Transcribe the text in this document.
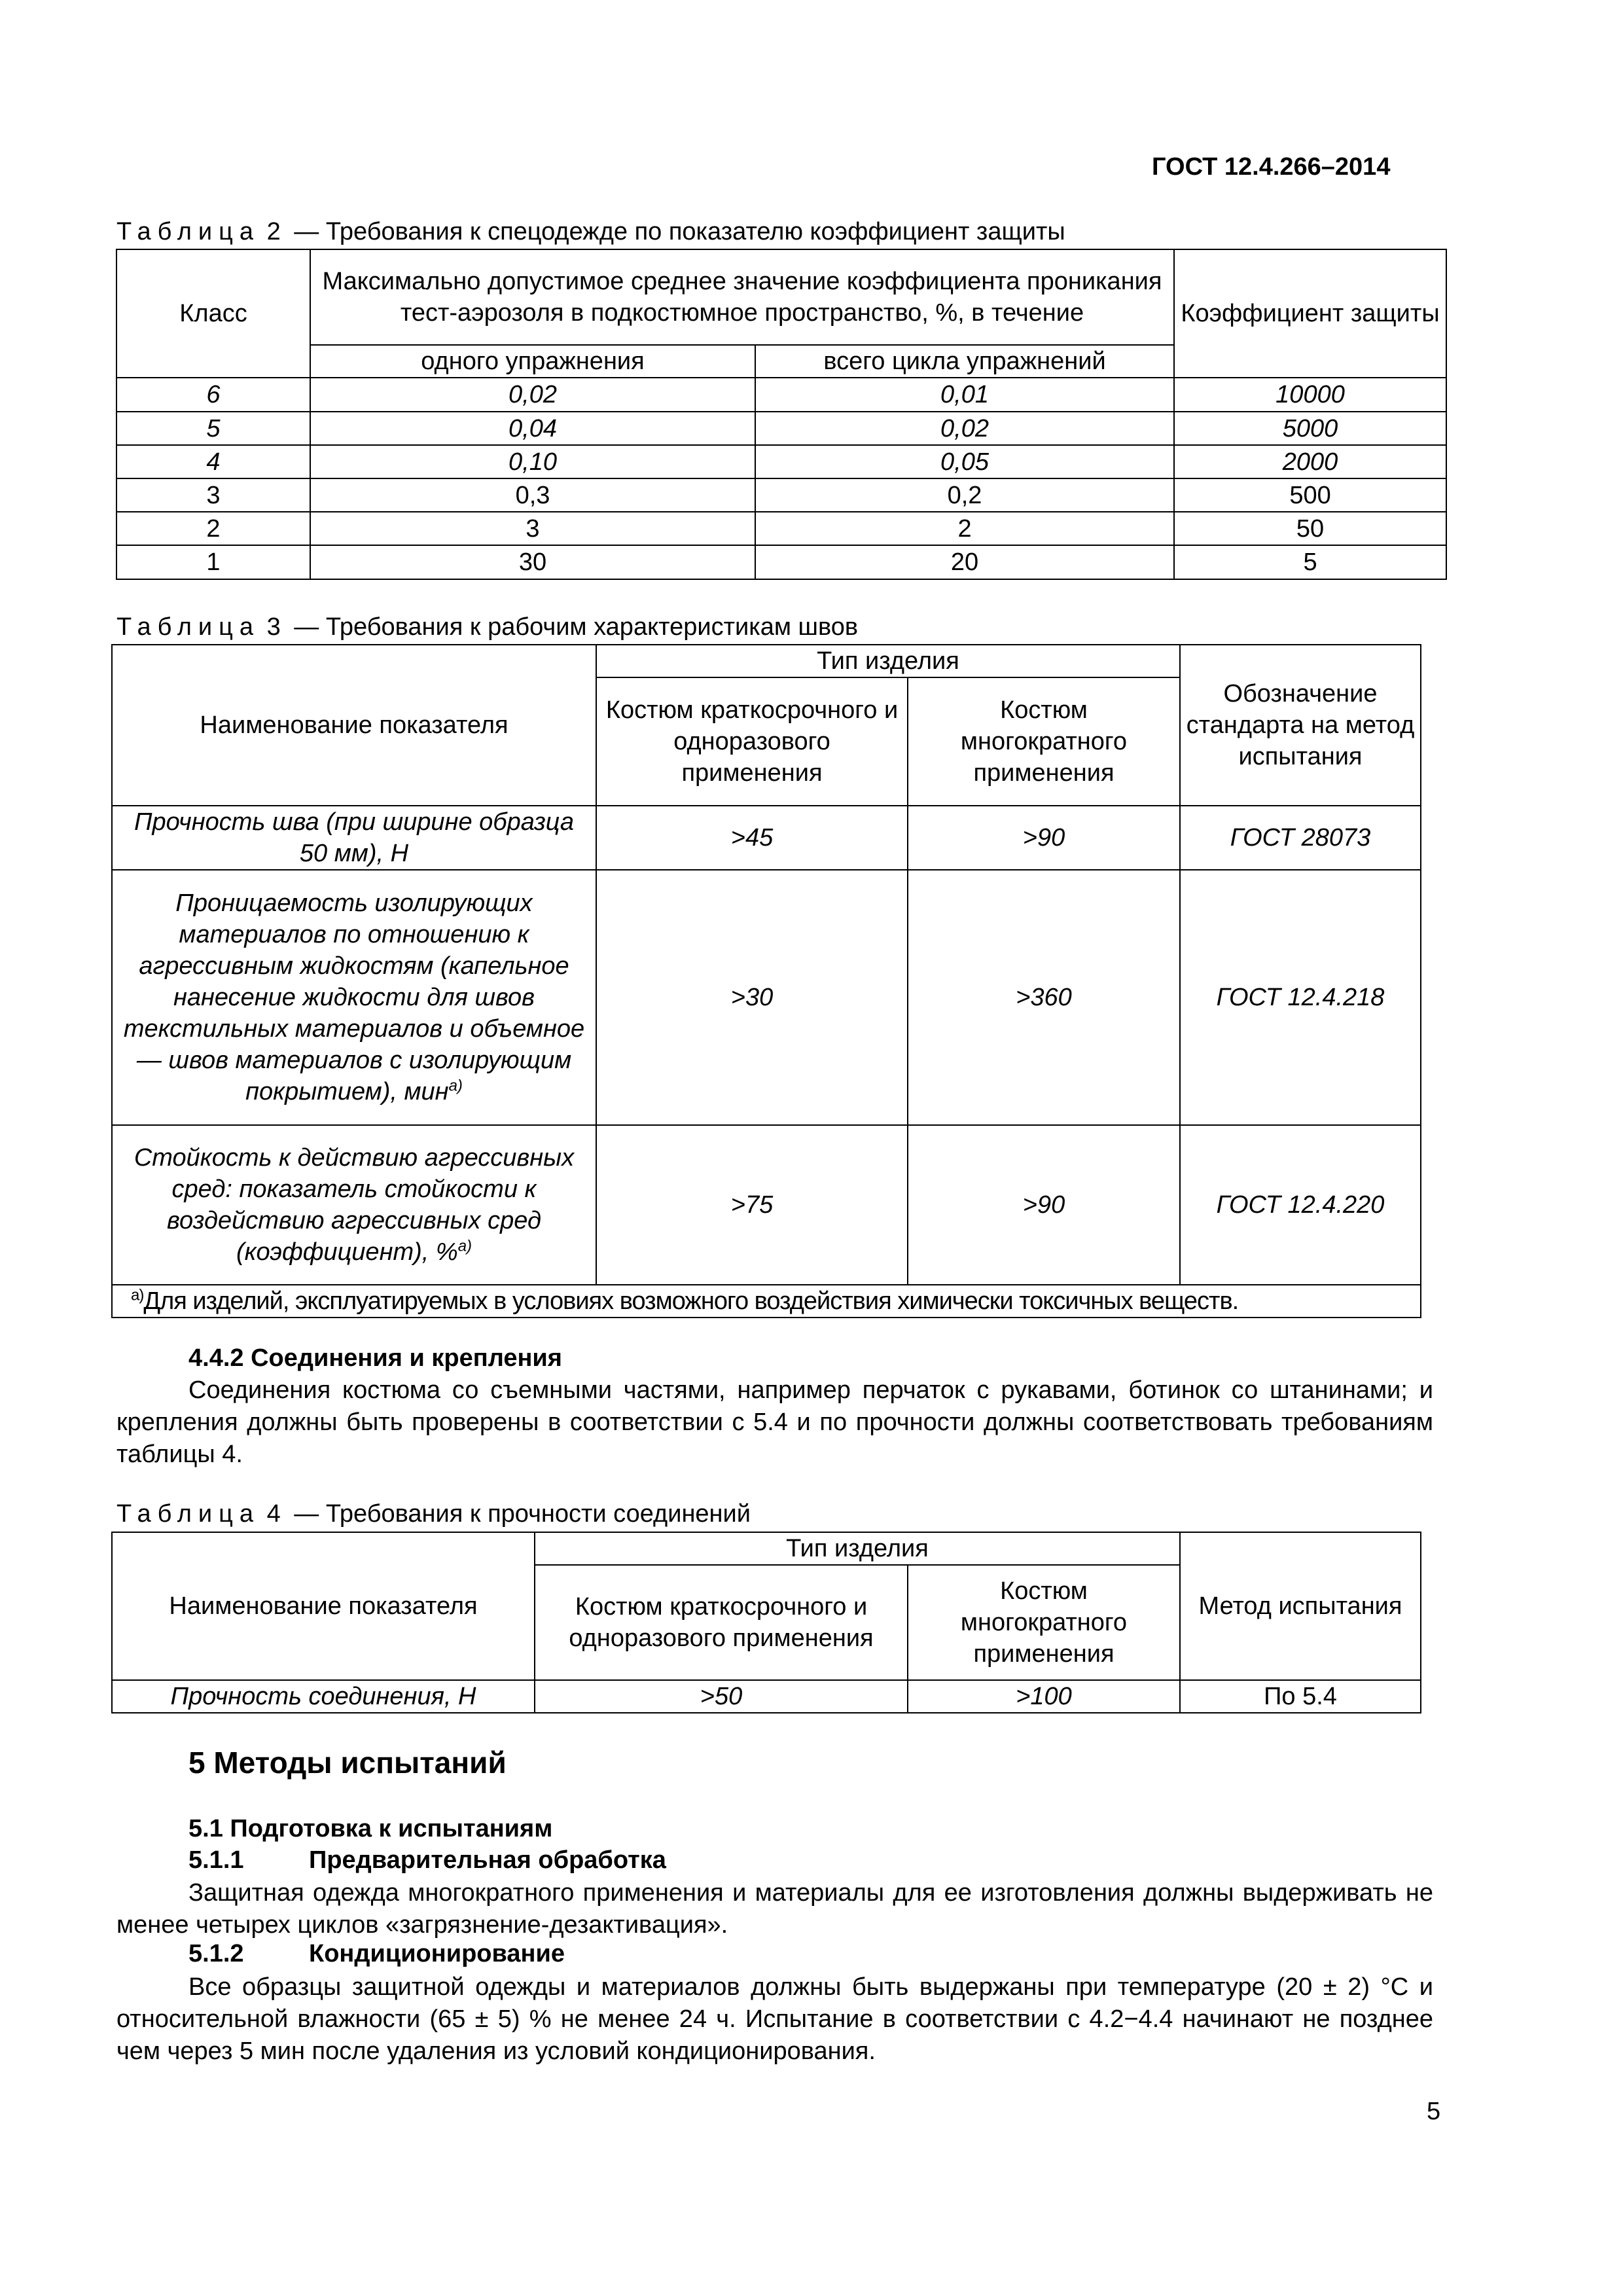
ГОСТ 12.4.266–2014
Таблица 2 — Требования к спецодежде по показателю коэффициент защиты
Класс	Максимально допустимое среднее значение коэффициента проникания тест-аэрозоля в подкостюмное пространство, %, в течение		Коэффициент защиты
	одного упражнения	всего цикла упражнений	
6	0,02	0,01	10000
5	0,04	0,02	5000
4	0,10	0,05	2000
3	0,3	0,2	500
2	3	2	50
1	30	20	5
Таблица 3 — Требования к рабочим характеристикам швов
Наименование показателя	Тип изделия		Обозначение стандарта на метод испытания
	Костюм краткосрочного и одноразового применения	Костюм многократного применения	
Прочность шва (при ширине образца 50 мм), Н	>45	>90	ГОСТ 28073
Проницаемость изолирующих материалов по отношению к агрессивным жидкостям (капельное нанесение жидкости для швов текстильных материалов и объемное — швов материалов с изолирующим покрытием), мин$^{а)}$	>30	>360	ГОСТ 12.4.218
Стойкость к действию агрессивных сред: показатель стойкости к воздействию агрессивных сред (коэффициент), %$^{а)}$	>75	>90	ГОСТ 12.4.220
$^{а)}$Для изделий, эксплуатируемых в условиях возможного воздействия химически токсичных веществ.			
4.4.2 Соединения и крепления
Соединения костюма со съемными частями, например перчаток с рукавами, ботинок со штанинами; и крепления должны быть проверены в соответствии с 5.4 и по прочности должны соответствовать требованиям таблицы 4.
Таблица 4 — Требования к прочности соединений
Наименование показателя	Тип изделия		Метод испытания
	Костюм краткосрочного и одноразового применения	Костюм многократного применения	
Прочность соединения, Н	>50	>100	По 5.4
5 Методы испытаний
5.1 Подготовка к испытаниям
5.1.1	Предварительная обработка
Защитная одежда многократного применения и материалы для ее изготовления должны выдерживать не менее четырех циклов «загрязнение-дезактивация».
5.1.2	Кондиционирование
Все образцы защитной одежды и материалов должны быть выдержаны при температуре (20 ± 2) °С и относительной влажности (65 ± 5) % не менее 24 ч. Испытание в соответствии с 4.2−4.4 начинают не позднее чем через 5 мин после удаления из условий кондиционирования.
5
